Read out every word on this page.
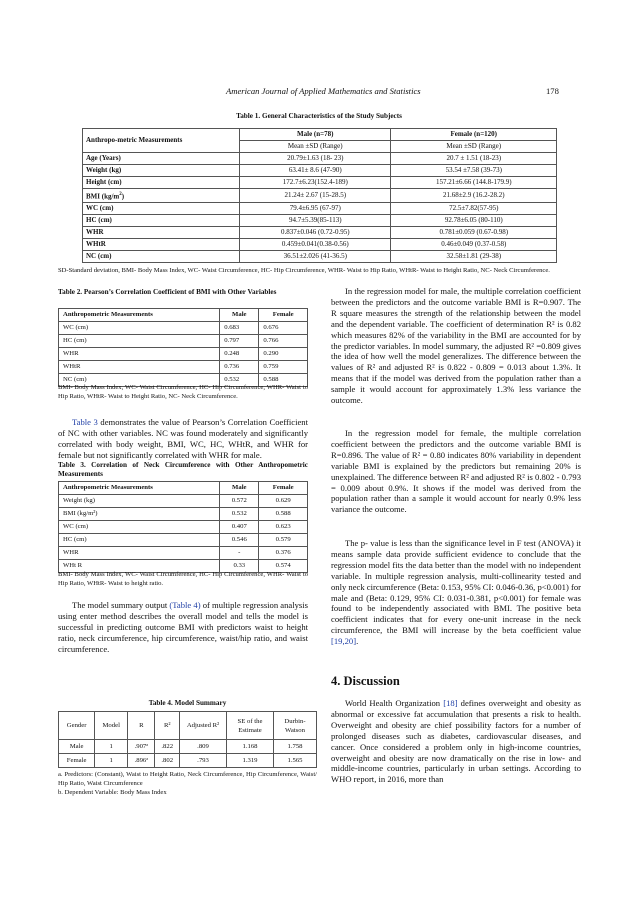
American Journal of Applied Mathematics and Statistics	178
Table 1. General Characteristics of the Study Subjects
Anthropo-metric Measurements	Male (n=78)	Female (n=120)
	Mean ±SD (Range)	Mean ±SD (Range)
Age (Years)	20.79±1.63 (18- 23)	20.7 ± 1.51 (18-23)
Weight (kg)	63.41± 8.6 (47-90)	53.54 ±7.58 (39-73)
Height (cm)	172.7±6.23(152.4-189)	157.21±6.66 (144.8-179.9)
BMI $(kg/m^2)$	21.24± 2.67 (15-28.5)	21.68±2.9 (16.2-28.2)
WC (cm)	79.4±6.95 (67-97)	72.5±7.82(57-95)
HC (cm)	94.7±5.39(85-113)	92.78±6.05 (80-110)
WHR	0.837±0.046 (0.72-0.95)	0.781±0.059 (0.67-0.98)
WHtR	0.459±0.041(0.38-0.56)	0.46±0.049 (0.37-0.58)
NC (cm)	36.51±2.026 (41-36.5)	32.58±1.81 (29-38)
SD-Standard deviation, BMI- Body Mass Index, WC- Waist Circumference, HC- Hip Circumference, WHR- Waist to Hip Ratio, WHtR- Waist to Height Ratio, NC- Neck Circumference.
Table 2. Pearson’s Correlation Coefficient of BMI with Other Variables
Anthropometric Measurements	Male	Female
WC (cm)	0.683	0.676
HC (cm)	0.797	0.766
WHR	0.248	0.290
WHtR	0.736	0.759
NC (cm)	0.532	0.588
BMI- Body Mass Index, WC- Waist Circumference, HC- Hip Circumference, WHR- Waist to Hip Ratio, WHtR- Waist to Height Ratio, NC- Neck Circumference.

Table 3 demonstrates the value of Pearson’s Correlation Coefficient of NC with other variables. NC was found moderately and significantly correlated with body weight, BMI, WC, HC, WHtR, and WHR for female but not significantly correlated with WHR for male.

Table 3. Correlation of Neck Circumference with Other Anthropometric Measurements
Anthropometric Measurements	Male	Female
Weight (kg)	0.572	0.629
BMI (kg/m²)	0.532	0.588
WC (cm)	0.407	0.623
HC (cm)	0.546	0.579
WHR	-	0.376
WHt R	0.33	0.574
BMI- Body Mass Index, WC- Waist Circumference, HC- Hip Circumference, WHR- Waist to Hip Ratio, WHtR- Waist to height ratio.

The model summary output (Table 4) of multiple regression analysis using enter method describes the overall model and tells the model is successful in predicting outcome BMI with predictors waist to height ratio, neck circumference, hip circumference, waist/hip ratio, and waist circumference.

Table 4. Model Summary
Gender	Model	R	R²	Adjusted R²	SE of the Estimate	Durbin-Watson
Male	1	.907ᵃ	.822	.809	1.168	1.758
Female	1	.896ᵃ	.802	.793	1.319	1.565
a. Predictors: (Constant), Waist to Height Ratio, Neck Circumference, Hip Circumference, Waist/ Hip Ratio, Waist Circumference
b. Dependent Variable: Body Mass Index

In the regression model for male, the multiple correlation coefficient between the predictors and the outcome variable BMI is R=0.907. The R square measures the strength of the relationship between the model and the dependent variable. The coefficient of determination R² is 0.82 which measures 82% of the variability in the BMI are accounted for by the predictor variables. In model summary, the adjusted R² =0.809 gives the idea of how well the model generalizes. The difference between the values of R² and adjusted R² is 0.822 - 0.809 = 0.013 about 1.3%. It means that if the model was derived from the population rather than a sample it would account for approximately 1.3% less variance the outcome.

In the regression model for female, the multiple correlation coefficient between the predictors and the outcome variable BMI is R=0.896. The value of R² = 0.80 indicates 80% variability in dependent variable BMI is explained by the predictors but remaining 20% is unexplained. The difference between R² and adjusted R² is 0.802 - 0.793 = 0.009 about 0.9%. It shows if the model was derived from the population rather than a sample it would account for nearly 0.9% less variance the outcome.

The p- value is less than the significance level in F test (ANOVA) it means sample data provide sufficient evidence to conclude that the regression model fits the data better than the model with no independent variable. In multiple regression analysis, multi-collinearity tested and only neck circumference (Beta: 0.153, 95% CI: 0.046-0.36, p<0.001) for male and (Beta: 0.129, 95% CI: 0.031-0.381, p<0.001) for female was found to be independently associated with BMI. The positive beta coefficient indicates that for every one-unit increase in the neck circumference, the BMI will increase by the beta coefficient value [19,20].

4. Discussion

World Health Organization [18] defines overweight and obesity as abnormal or excessive fat accumulation that presents a risk to health. Overweight and obesity are chief possibility factors for a number of prolonged diseases such as diabetes, cardiovascular diseases, and cancer. Once considered a problem only in high-income countries, overweight and obesity are now dramatically on the rise in low- and middle-income countries, particularly in urban settings. According to WHO report, in 2016, more than
